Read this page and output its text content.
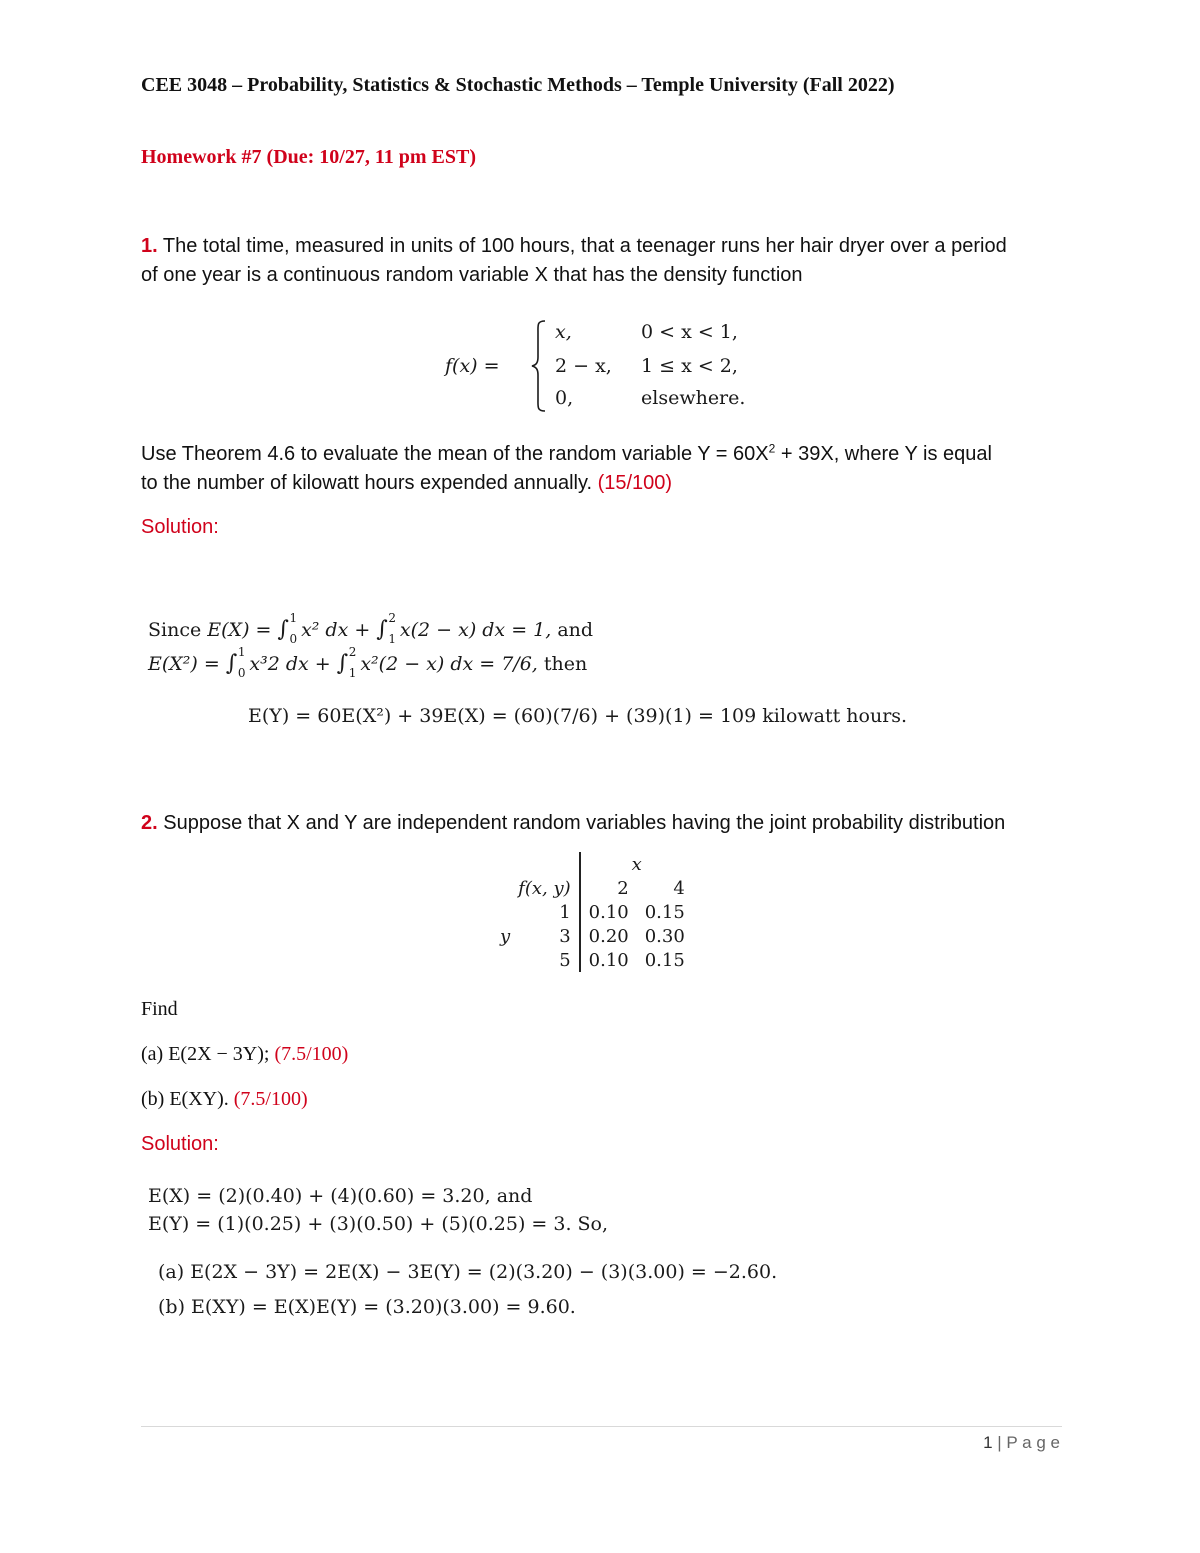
CEE 3048 – Probability, Statistics & Stochastic Methods – Temple University (Fall 2022)
Homework #7 (Due: 10/27, 11 pm EST)
1. The total time, measured in units of 100 hours, that a teenager runs her hair dryer over a period
of one year is a continuous random variable X that has the density function
f(x) =
x,	0 < x < 1,
2 − x, 1 ≤ x < 2,
0,	elsewhere.
Use Theorem 4.6 to evaluate the mean of the random variable $Y = 60X^2 + 39X$, where Y is equal
to the number of kilowatt hours expended annually. (15/100)
Solution:
Since E(X) = ∫ 1
0 x² dx + ∫ 2
1 x(2 − x) dx = 1, and
E(X²) = ∫ 1
0 x³2 dx + ∫ 2
1 x²(2 − x) dx = 7/6, then
E(Y) = 60E(X²) + 39E(X) = (60)(7/6) + (39)(1) = 109 kilowatt hours.
2. Suppose that X and Y are independent random variables having the joint probability distribution
		x	
	f(x, y)	2	4
	1	0.10	0.15
y	3	0.20	0.30
	5	0.10	0.15
Find
(a) E(2X − 3Y); (7.5/100)
(b) E(XY). (7.5/100)
Solution:
E(X) = (2)(0.40) + (4)(0.60) = 3.20, and
E(Y) = (1)(0.25) + (3)(0.50) + (5)(0.25) = 3. So,
(a) E(2X − 3Y) = 2E(X) − 3E(Y) = (2)(3.20) − (3)(3.00) = −2.60.
(b) E(XY) = E(X)E(Y) = (3.20)(3.00) = 9.60.
1 | P a g e
